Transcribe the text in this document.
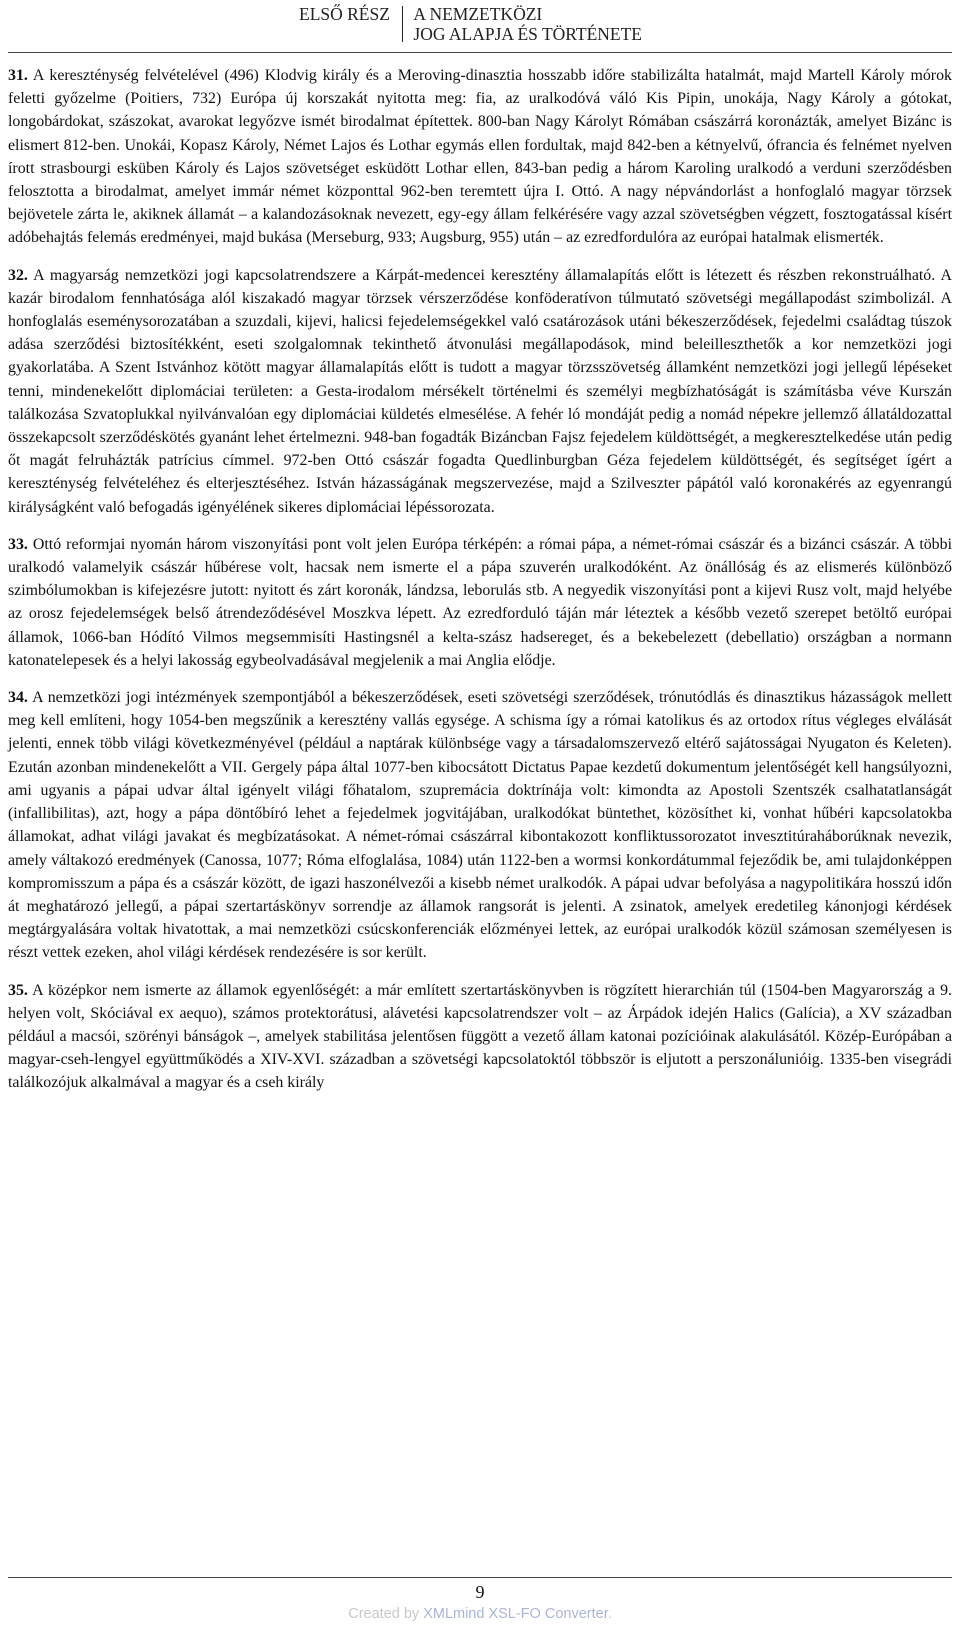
ELSŐ RÉSZ	A NEMZETKÖZI
JOG ALAPJA ÉS TÖRTÉNETE

31. A kereszténység felvételével (496) Klodvig király és a Meroving-dinasztia hosszabb időre stabilizálta hatalmát, majd Martell Károly mórok feletti győzelme (Poitiers, 732) Európa új korszakát nyitotta meg: fia, az uralkodóvá váló Kis Pipin, unokája, Nagy Károly a gótokat, longobárdokat, szászokat, avarokat legyőzve ismét birodalmat építettek. 800-ban Nagy Károlyt Rómában császárrá koronázták, amelyet Bizánc is elismert 812-ben. Unokái, Kopasz Károly, Német Lajos és Lothar egymás ellen fordultak, majd 842-ben a kétnyelvű, ófrancia és felnémet nyelven írott strasbourgi esküben Károly és Lajos szövetséget esküdött Lothar ellen, 843-ban pedig a három Karoling uralkodó a verduni szerződésben felosztotta a birodalmat, amelyet immár német központtal 962-ben teremtett újra I. Ottó. A nagy népvándorlást a honfoglaló magyar törzsek bejövetele zárta le, akiknek államát – a kalandozásoknak nevezett, egy-egy állam felkérésére vagy azzal szövetségben végzett, fosztogatással kísért adóbehajtás felemás eredményei, majd bukása (Merseburg, 933; Augsburg, 955) után – az ezredfordulóra az európai hatalmak elismerték.

32. A magyarság nemzetközi jogi kapcsolatrendszere a Kárpát-medencei keresztény államalapítás előtt is létezett és részben rekonstruálható. A kazár birodalom fennhatósága alól kiszakadó magyar törzsek vérszerződése konföderatívon túlmutató szövetségi megállapodást szimbolizál. A honfoglalás eseménysorozatában a szuzdali, kijevi, halicsi fejedelemségekkel való csatározások utáni békeszerződések, fejedelmi családtag túszok adása szerződési biztosítékként, eseti szolgalomnak tekinthető átvonulási megállapodások, mind beleilleszthetők a kor nemzetközi jogi gyakorlatába. A Szent Istvánhoz kötött magyar államalapítás előtt is tudott a magyar törzsszövetség államként nemzetközi jogi jellegű lépéseket tenni, mindenekelőtt diplomáciai területen: a Gesta-irodalom mérsékelt történelmi és személyi megbízhatóságát is számításba véve Kurszán találkozása Szvatoplukkal nyilvánvalóan egy diplomáciai küldetés elmesélése. A fehér ló mondáját pedig a nomád népekre jellemző állatáldozattal összekapcsolt szerződéskötés gyanánt lehet értelmezni. 948-ban fogadták Bizáncban Fajsz fejedelem küldöttségét, a megkeresztelkedése után pedig őt magát felruházták patrícius címmel. 972-ben Ottó császár fogadta Quedlinburgban Géza fejedelem küldöttségét, és segítséget ígért a kereszténység felvételéhez és elterjesztéséhez. István házasságának megszervezése, majd a Szilveszter pápától való koronakérés az egyenrangú királyságként való befogadás igényélének sikeres diplomáciai lépéssorozata.

33. Ottó reformjai nyomán három viszonyítási pont volt jelen Európa térképén: a római pápa, a német-római császár és a bizánci császár. A többi uralkodó valamelyik császár hűbérese volt, hacsak nem ismerte el a pápa szuverén uralkodóként. Az önállóság és az elismerés különböző szimbólumokban is kifejezésre jutott: nyitott és zárt koronák, lándzsa, leborulás stb. A negyedik viszonyítási pont a kijevi Rusz volt, majd helyébe az orosz fejedelemségek belső átrendeződésével Moszkva lépett. Az ezredforduló táján már léteztek a később vezető szerepet betöltő európai államok, 1066-ban Hódító Vilmos megsemmisíti Hastingsnél a kelta-szász hadsereget, és a bekebelezett (debellatio) országban a normann katonatelepesek és a helyi lakosság egybeolvadásával megjelenik a mai Anglia elődje.

34. A nemzetközi jogi intézmények szempontjából a békeszerződések, eseti szövetségi szerződések, trónutódlás és dinasztikus házasságok mellett meg kell említeni, hogy 1054-ben megszűnik a keresztény vallás egysége. A schisma így a római katolikus és az ortodox rítus végleges elválását jelenti, ennek több világi következményével (például a naptárak különbsége vagy a társadalomszervező eltérő sajátosságai Nyugaton és Keleten). Ezután azonban mindenekelőtt a VII. Gergely pápa által 1077-ben kibocsátott Dictatus Papae kezdetű dokumentum jelentőségét kell hangsúlyozni, ami ugyanis a pápai udvar által igényelt világi főhatalom, szupremácia doktrínája volt: kimondta az Apostoli Szentszék csalhatatlanságát (infallibilitas), azt, hogy a pápa döntőbíró lehet a fejedelmek jogvitájában, uralkodókat büntethet, közösíthet ki, vonhat hűbéri kapcsolatokba államokat, adhat világi javakat és megbízatásokat. A német-római császárral kibontakozott konfliktussorozatot invesztitúraháborúknak nevezik, amely váltakozó eredmények (Canossa, 1077; Róma elfoglalása, 1084) után 1122-ben a wormsi konkordátummal fejeződik be, ami tulajdonképpen kompromisszum a pápa és a császár között, de igazi haszonélvezői a kisebb német uralkodók. A pápai udvar befolyása a nagypolitikára hosszú időn át meghatározó jellegű, a pápai szertartáskönyv sorrendje az államok rangsorát is jelenti. A zsinatok, amelyek eredetileg kánonjogi kérdések megtárgyalására voltak hivatottak, a mai nemzetközi csúcskonferenciák előzményei lettek, az európai uralkodók közül számosan személyesen is részt vettek ezeken, ahol világi kérdések rendezésére is sor került.

35. A középkor nem ismerte az államok egyenlőségét: a már említett szertartáskönyvben is rögzített hierarchián túl (1504-ben Magyarország a 9. helyen volt, Skóciával ex aequo), számos protektorátusi, alávetési kapcsolatrendszer volt – az Árpádok idején Halics (Galícia), a XV században például a macsói, szörényi bánságok –, amelyek stabilitása jelentősen függött a vezető állam katonai pozícióinak alakulásától. Közép-Európában a magyar-cseh-lengyel együttműködés a XIV-XVI. században a szövetségi kapcsolatoktól többször is eljutott a perszonálunióig. 1335-ben visegrádi találkozójuk alkalmával a magyar és a cseh király

9
Created by XMLmind XSL-FO Converter.
